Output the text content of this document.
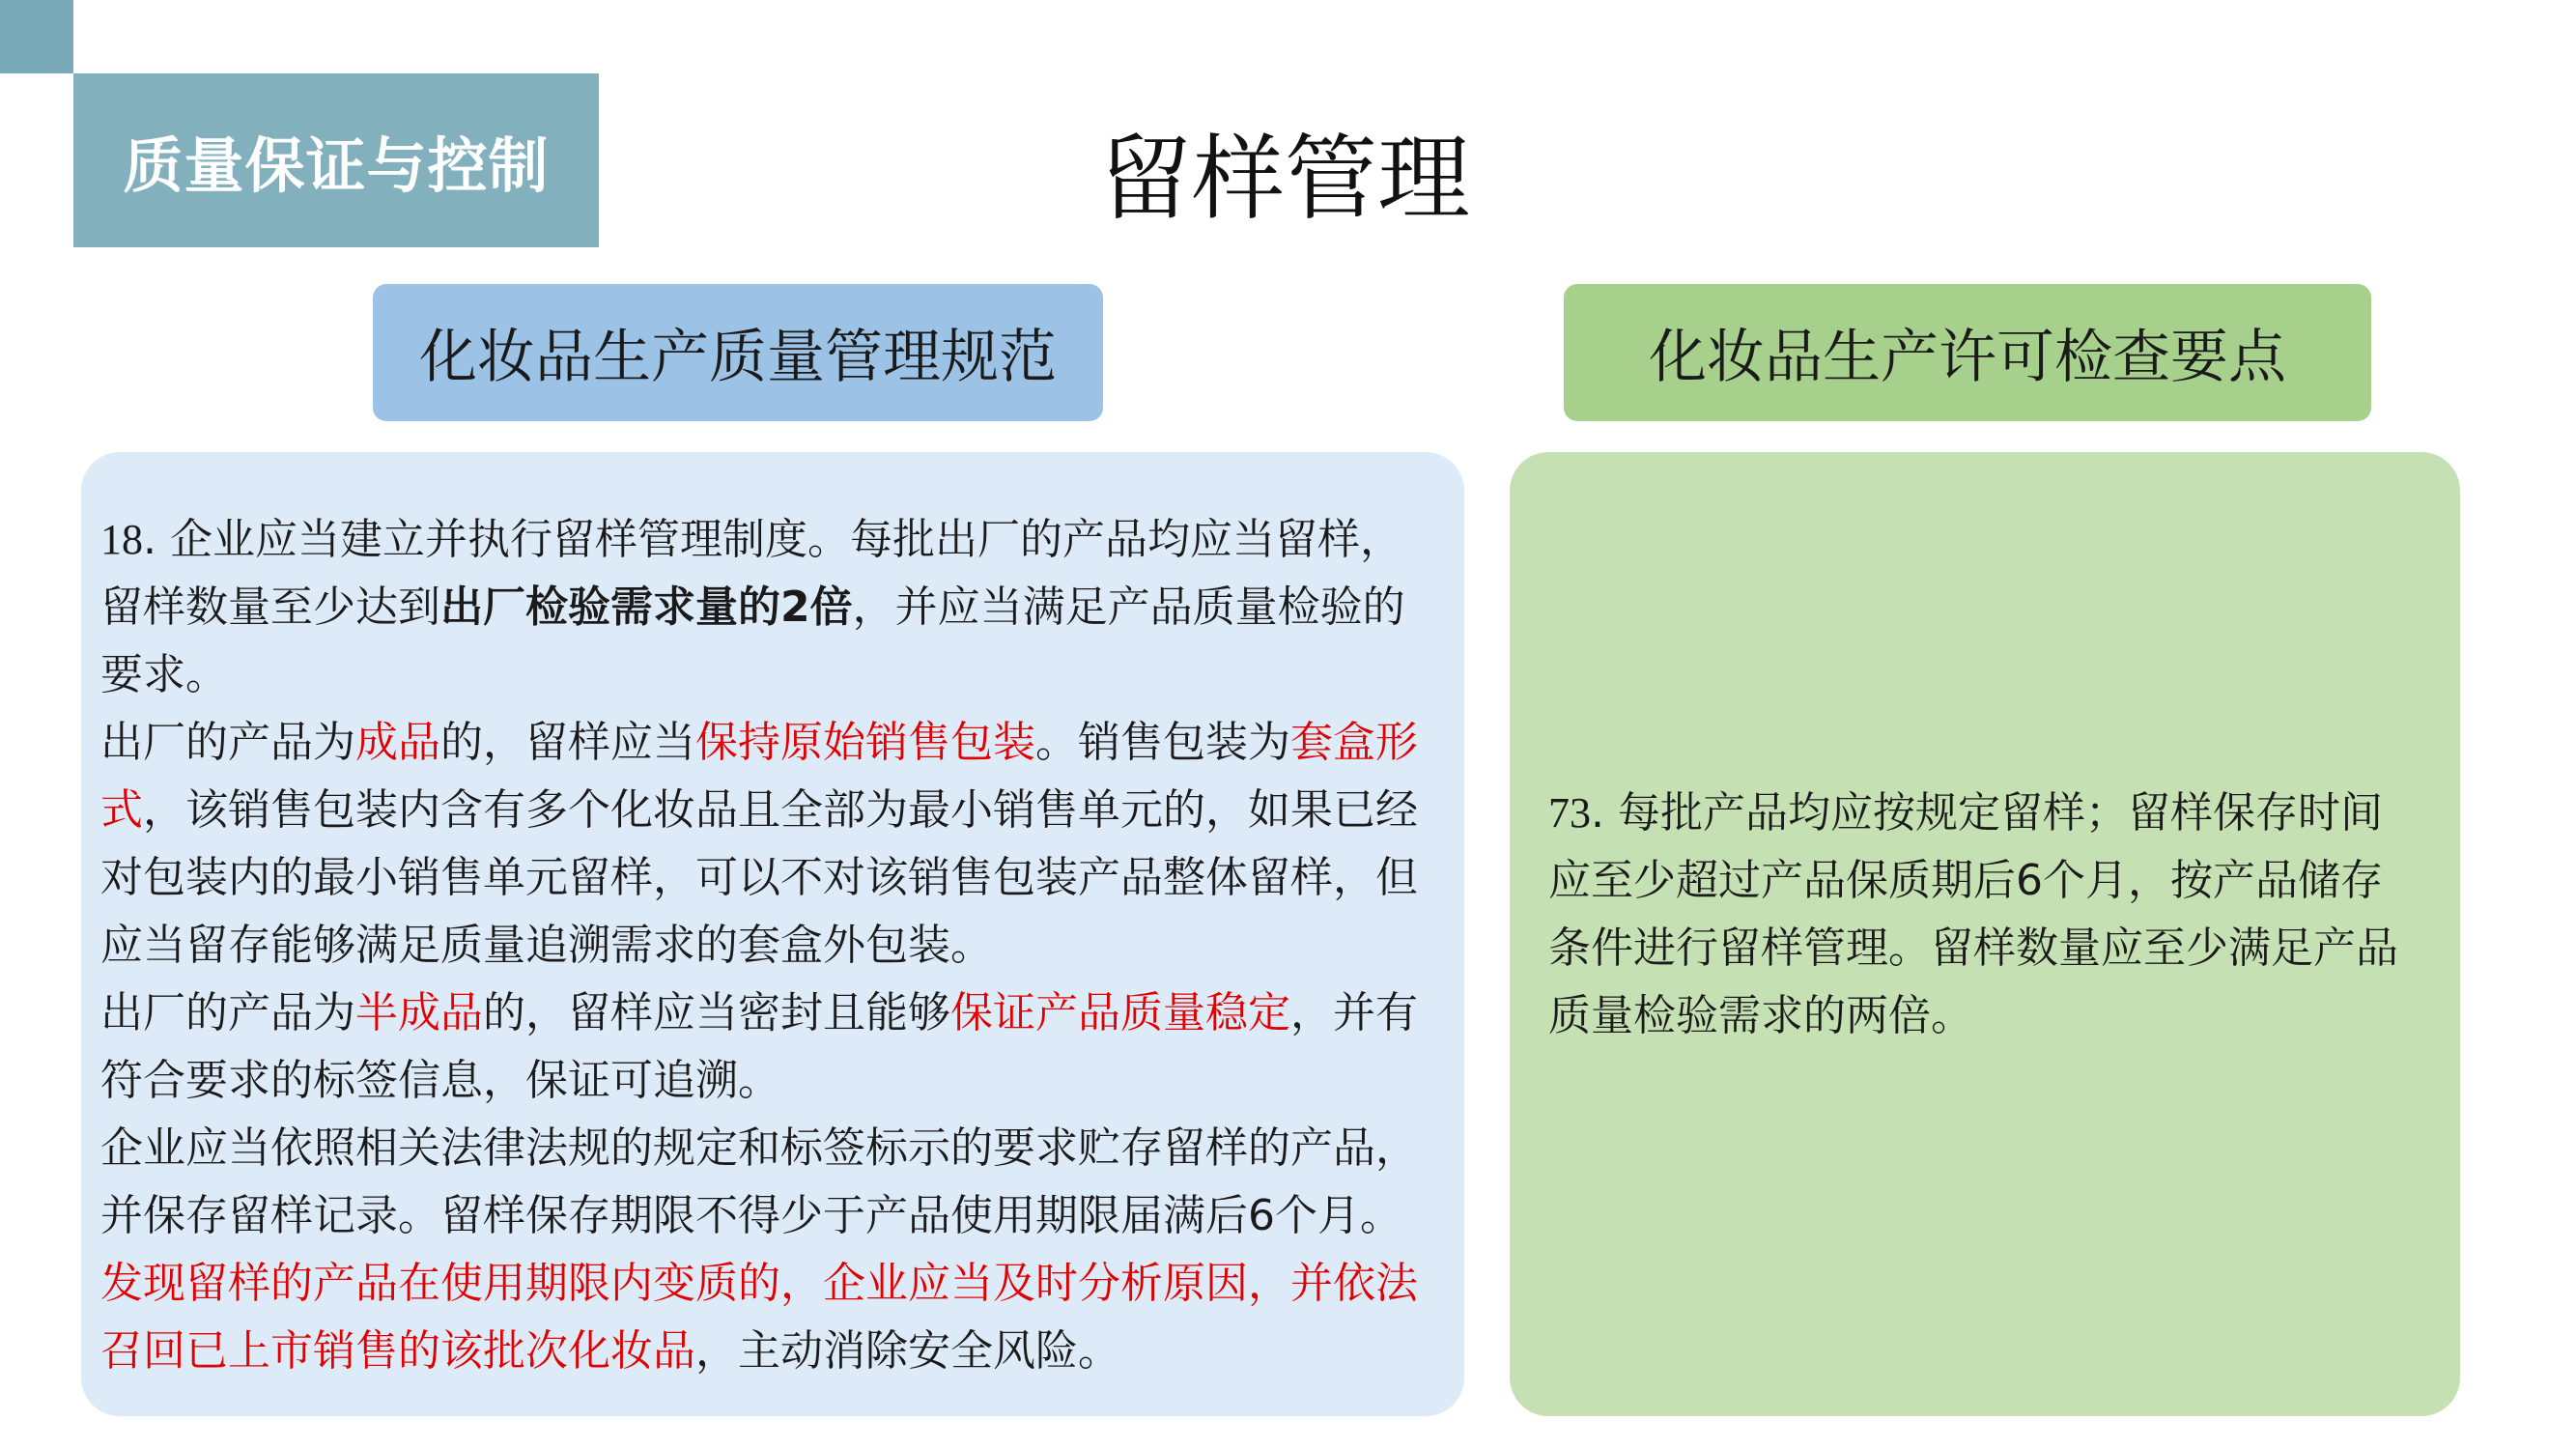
质量保证与控制	留样管理
化妆品生产质量管理规范	化妆品生产许可检查要点

18. 企业应当建立并执行留样管理制度。每批出厂的产品均应当留样，留样数量至少达到出厂检验需求量的2倍，并应当满足产品质量检验的要求。
出厂的产品为成品的，留样应当保持原始销售包装。销售包装为套盒形式，该销售包装内含有多个化妆品且全部为最小销售单元的，如果已经对包装内的最小销售单元留样，可以不对该销售包装产品整体留样，但应当留存能够满足质量追溯需求的套盒外包装。
出厂的产品为半成品的，留样应当密封且能够保证产品质量稳定，并有符合要求的标签信息，保证可追溯。
企业应当依照相关法律法规的规定和标签标示的要求贮存留样的产品，并保存留样记录。留样保存期限不得少于产品使用期限届满后6个月。
发现留样的产品在使用期限内变质的，企业应当及时分析原因，并依法召回已上市销售的该批次化妆品，主动消除安全风险。

73. 每批产品均应按规定留样；留样保存时间应至少超过产品保质期后6个月，按产品储存条件进行留样管理。留样数量应至少满足产品质量检验需求的两倍。
